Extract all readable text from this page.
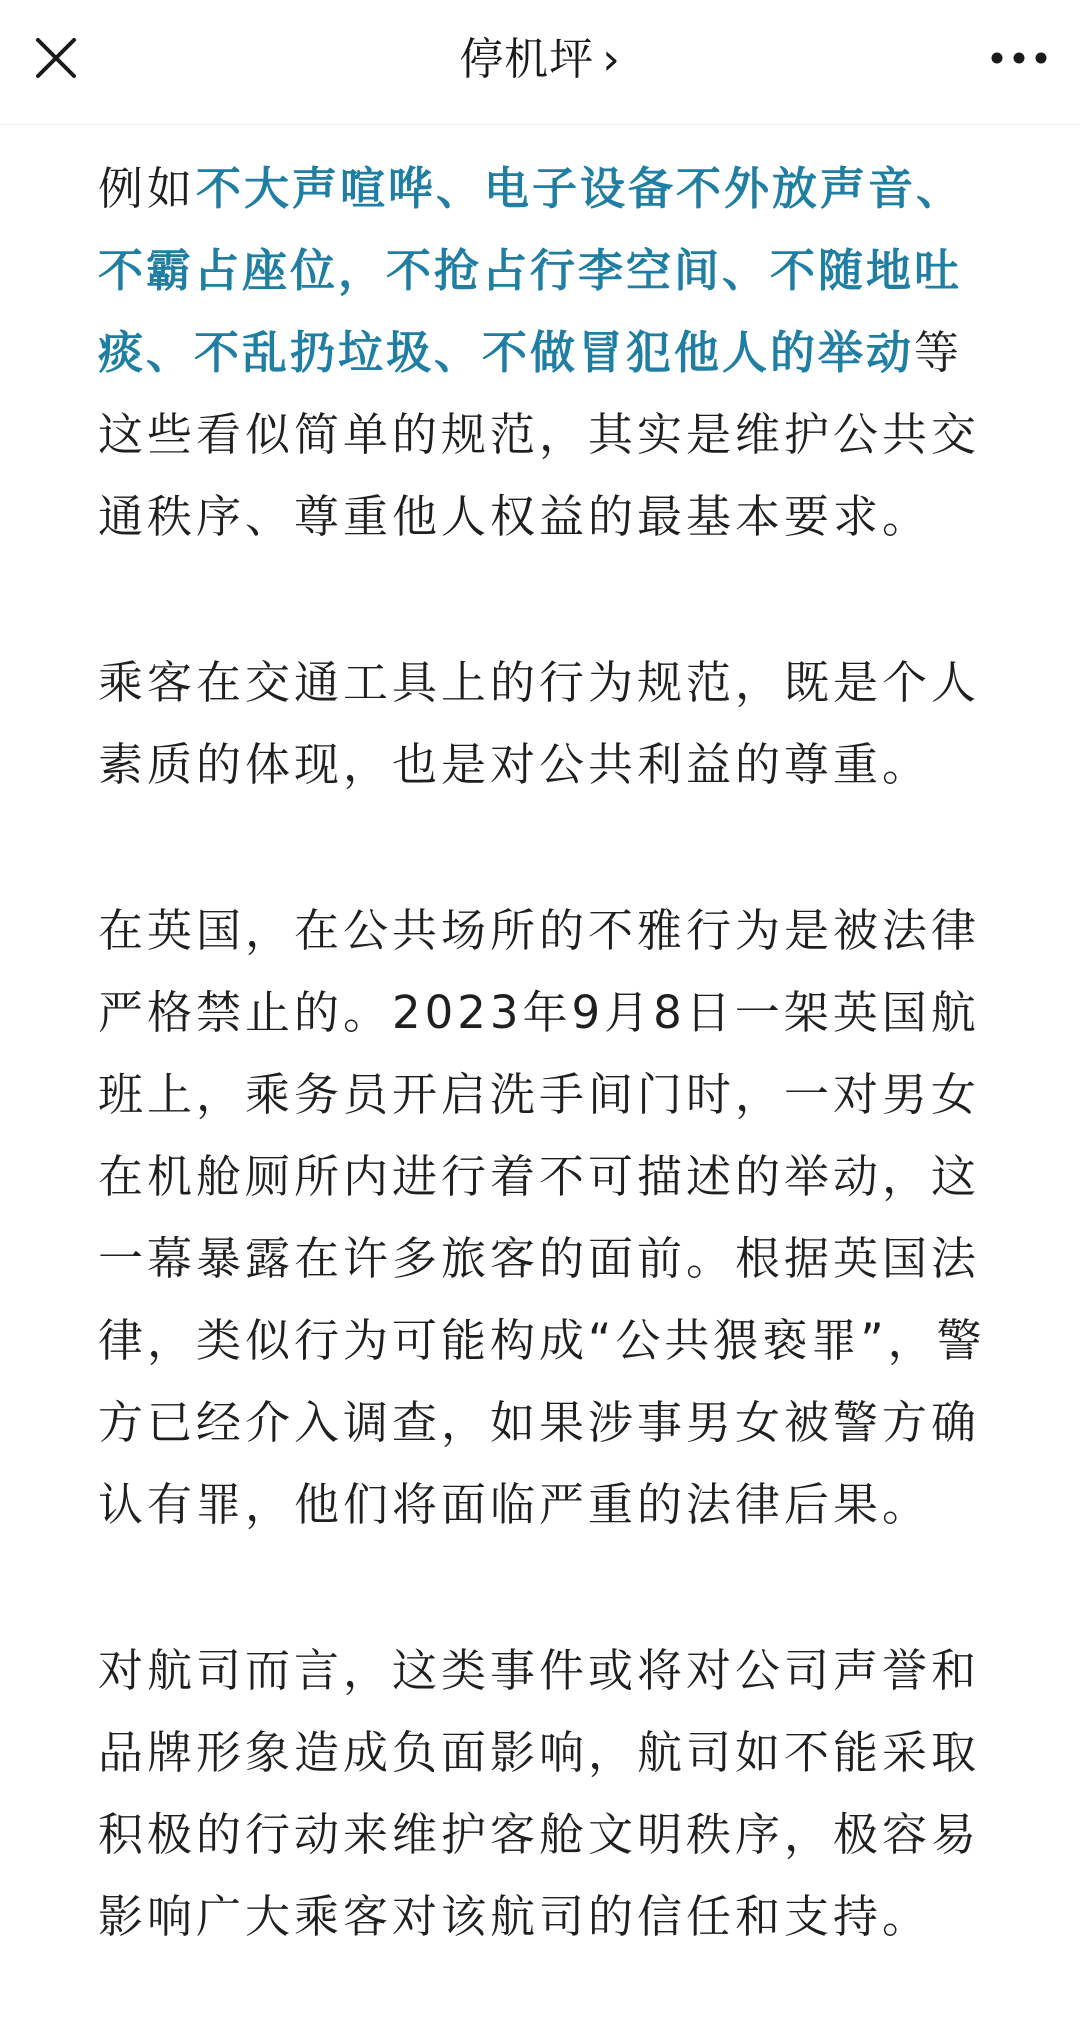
停机坪 ›

例如不大声喧哗、电子设备不外放声音、不霸占座位，不抢占行李空间、不随地吐痰、不乱扔垃圾、不做冒犯他人的举动等这些看似简单的规范，其实是维护公共交通秩序、尊重他人权益的最基本要求。

乘客在交通工具上的行为规范，既是个人素质的体现，也是对公共利益的尊重。

在英国，在公共场所的不雅行为是被法律严格禁止的。2023年9月8日一架英国航班上，乘务员开启洗手间门时，一对男女在机舱厕所内进行着不可描述的举动，这一幕暴露在许多旅客的面前。根据英国法律，类似行为可能构成“公共猥亵罪”，警方已经介入调查，如果涉事男女被警方确认有罪，他们将面临严重的法律后果。

对航司而言，这类事件或将对公司声誉和品牌形象造成负面影响，航司如不能采取积极的行动来维护客舱文明秩序，极容易影响广大乘客对该航司的信任和支持。
